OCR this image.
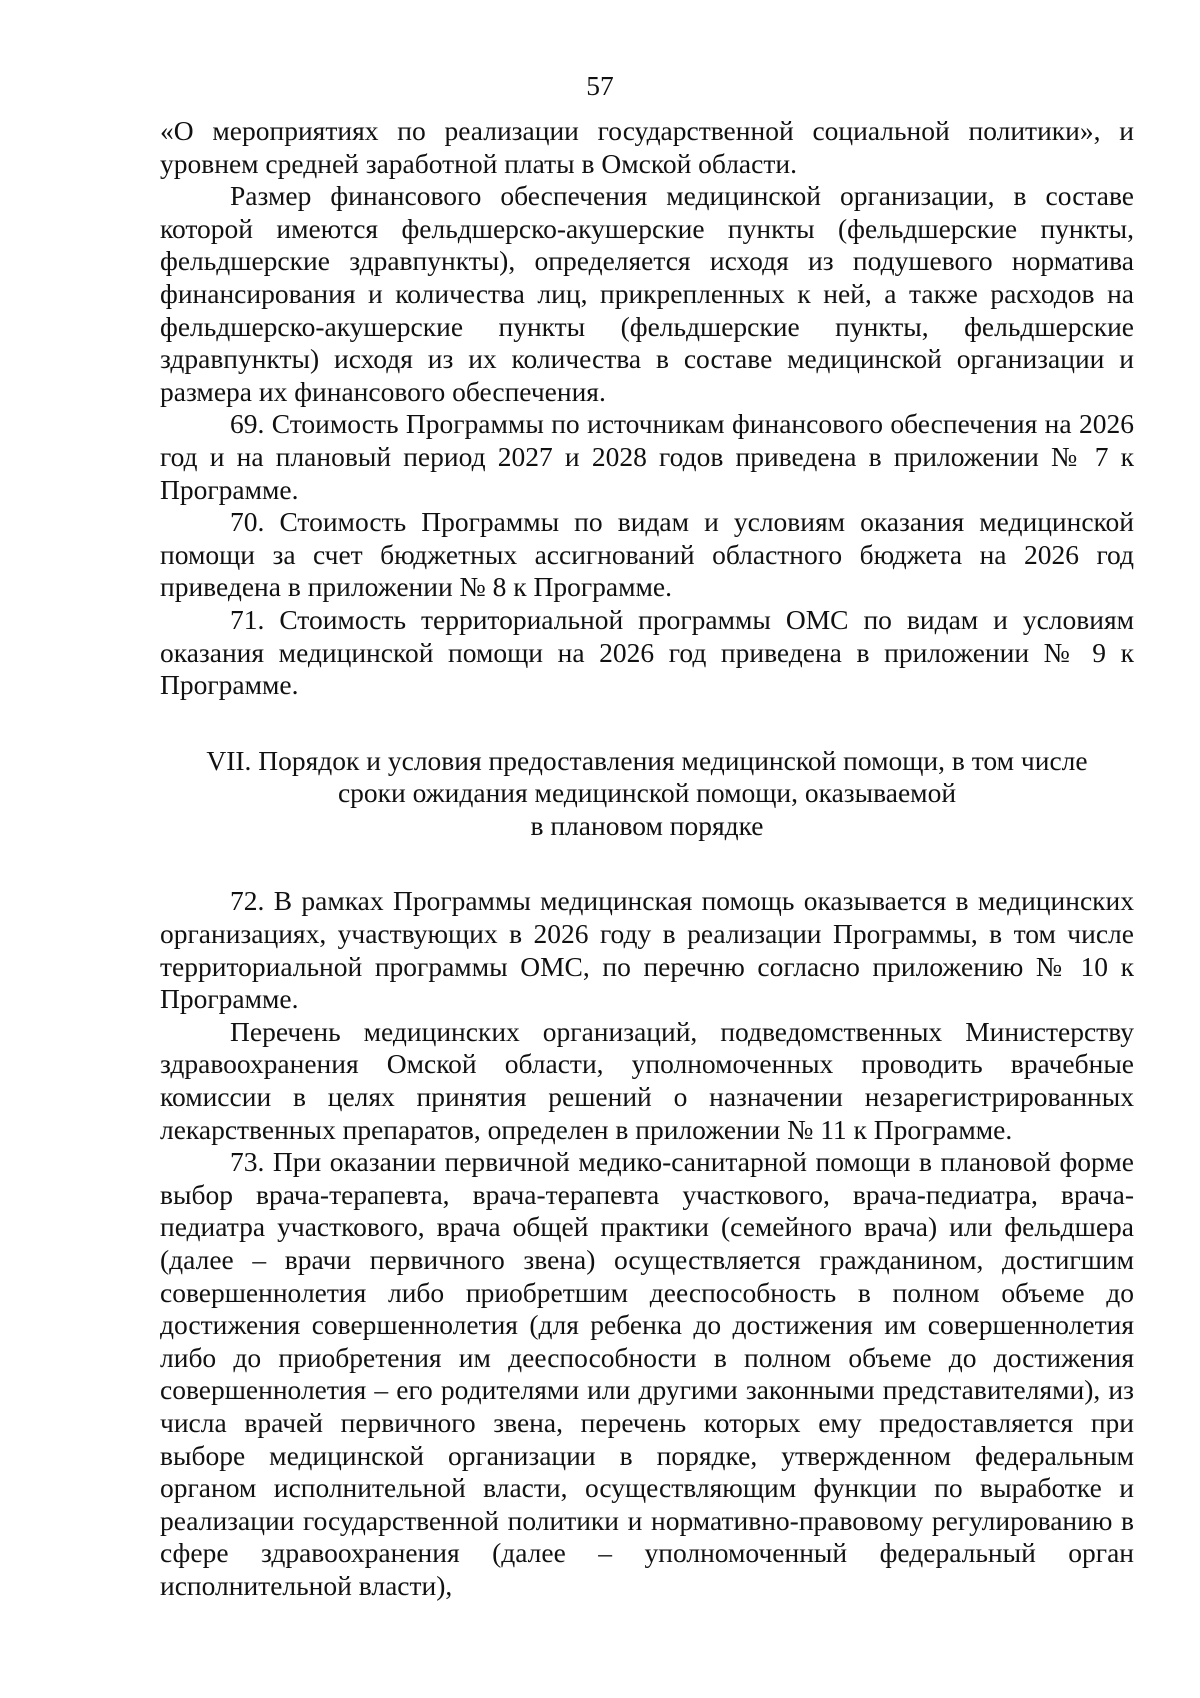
57

«О мероприятиях по реализации государственной социальной политики», и уровнем средней заработной платы в Омской области.

Размер финансового обеспечения медицинской организации, в составе которой имеются фельдшерско-акушерские пункты (фельдшерские пункты, фельдшерские здравпункты), определяется исходя из подушевого норматива финансирования и количества лиц, прикрепленных к ней, а также расходов на фельдшерско-акушерские пункты (фельдшерские пункты, фельдшерские здравпункты) исходя из их количества в составе медицинской организации и размера их финансового обеспечения.

69. Стоимость Программы по источникам финансового обеспечения на 2026 год и на плановый период 2027 и 2028 годов приведена в приложении № 7 к Программе.

70. Стоимость Программы по видам и условиям оказания медицинской помощи за счет бюджетных ассигнований областного бюджета на 2026 год приведена в приложении № 8 к Программе.

71. Стоимость территориальной программы ОМС по видам и условиям оказания медицинской помощи на 2026 год приведена в приложении № 9 к Программе.

VII. Порядок и условия предоставления медицинской помощи, в том числе
сроки ожидания медицинской помощи, оказываемой
в плановом порядке

72. В рамках Программы медицинская помощь оказывается в медицинских организациях, участвующих в 2026 году в реализации Программы, в том числе территориальной программы ОМС, по перечню согласно приложению № 10 к Программе.

Перечень медицинских организаций, подведомственных Министерству здравоохранения Омской области, уполномоченных проводить врачебные комиссии в целях принятия решений о назначении незарегистрированных лекарственных препаратов, определен в приложении № 11 к Программе.

73. При оказании первичной медико-санитарной помощи в плановой форме выбор врача-терапевта, врача-терапевта участкового, врача-педиатра, врача-педиатра участкового, врача общей практики (семейного врача) или фельдшера (далее – врачи первичного звена) осуществляется гражданином, достигшим совершеннолетия либо приобретшим дееспособность в полном объеме до достижения совершеннолетия (для ребенка до достижения им совершеннолетия либо до приобретения им дееспособности в полном объеме до достижения совершеннолетия – его родителями или другими законными представителями), из числа врачей первичного звена, перечень которых ему предоставляется при выборе медицинской организации в порядке, утвержденном федеральным органом исполнительной власти, осуществляющим функции по выработке и реализации государственной политики и нормативно-правовому регулированию в сфере здравоохранения (далее – уполномоченный федеральный орган исполнительной власти),
